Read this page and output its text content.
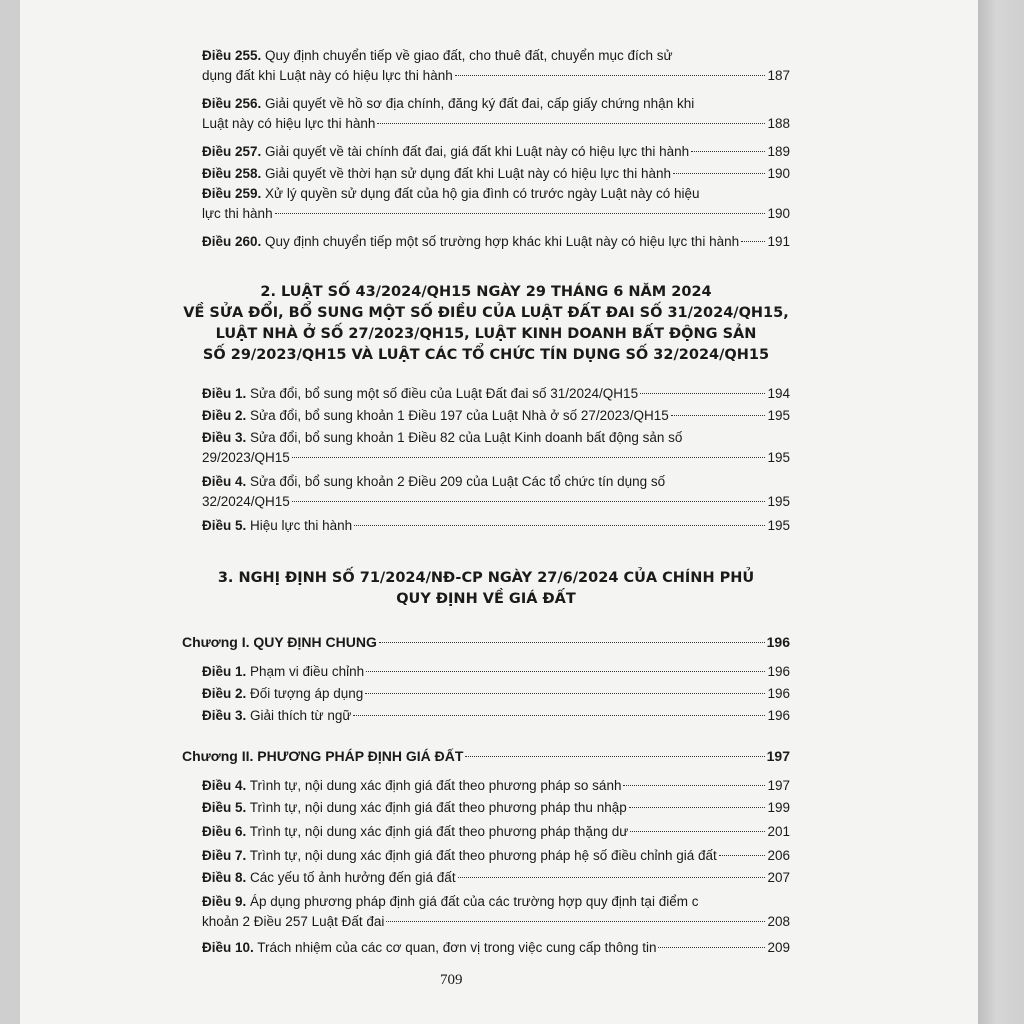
Điều 255. Quy định chuyển tiếp về giao đất, cho thuê đất, chuyển mục đích sử
dụng đất khi Luật này có hiệu lực thi hành	187
Điều 256. Giải quyết về hồ sơ địa chính, đăng ký đất đai, cấp giấy chứng nhận khi
Luật này có hiệu lực thi hành	188
Điều 257. Giải quyết về tài chính đất đai, giá đất khi Luật này có hiệu lực thi hành	189
Điều 258. Giải quyết về thời hạn sử dụng đất khi Luật này có hiệu lực thi hành	190
Điều 259. Xử lý quyền sử dụng đất của hộ gia đình có trước ngày Luật này có hiệu
lực thi hành	190
Điều 260. Quy định chuyển tiếp một số trường hợp khác khi Luật này có hiệu lực thi hành 191
2. LUẬT SỐ 43/2024/QH15 NGÀY 29 THÁNG 6 NĂM 2024
VỀ SỬA ĐỔI, BỔ SUNG MỘT SỐ ĐIỀU CỦA LUẬT ĐẤT ĐAI SỐ 31/2024/QH15,
LUẬT NHÀ Ở SỐ 27/2023/QH15, LUẬT KINH DOANH BẤT ĐỘNG SẢN
SỐ 29/2023/QH15 VÀ LUẬT CÁC TỔ CHỨC TÍN DỤNG SỐ 32/2024/QH15
Điều 1. Sửa đổi, bổ sung một số điều của Luật Đất đai số 31/2024/QH15	194
Điều 2. Sửa đổi, bổ sung khoản 1 Điều 197 của Luật Nhà ở số 27/2023/QH15	195
Điều 3. Sửa đổi, bổ sung khoản 1 Điều 82 của Luật Kinh doanh bất động sản số
29/2023/QH15	195
Điều 4. Sửa đổi, bổ sung khoản 2 Điều 209 của Luật Các tổ chức tín dụng số
32/2024/QH15	195
Điều 5. Hiệu lực thi hành	195
3. NGHỊ ĐỊNH SỐ 71/2024/NĐ-CP NGÀY 27/6/2024 CỦA CHÍNH PHỦ
QUY ĐỊNH VỀ GIÁ ĐẤT
Chương I. QUY ĐỊNH CHUNG	196
Điều 1. Phạm vi điều chỉnh	196
Điều 2. Đối tượng áp dụng	196
Điều 3. Giải thích từ ngữ	196
Chương II. PHƯƠNG PHÁP ĐỊNH GIÁ ĐẤT	197
Điều 4. Trình tự, nội dung xác định giá đất theo phương pháp so sánh	197
Điều 5. Trình tự, nội dung xác định giá đất theo phương pháp thu nhập	199
Điều 6. Trình tự, nội dung xác định giá đất theo phương pháp thặng dư	201
Điều 7. Trình tự, nội dung xác định giá đất theo phương pháp hệ số điều chỉnh giá đất	206
Điều 8. Các yếu tố ảnh hưởng đến giá đất	207
Điều 9. Áp dụng phương pháp định giá đất của các trường hợp quy định tại điểm c
khoản 2 Điều 257 Luật Đất đai	208
Điều 10. Trách nhiệm của các cơ quan, đơn vị trong việc cung cấp thông tin	209
709
